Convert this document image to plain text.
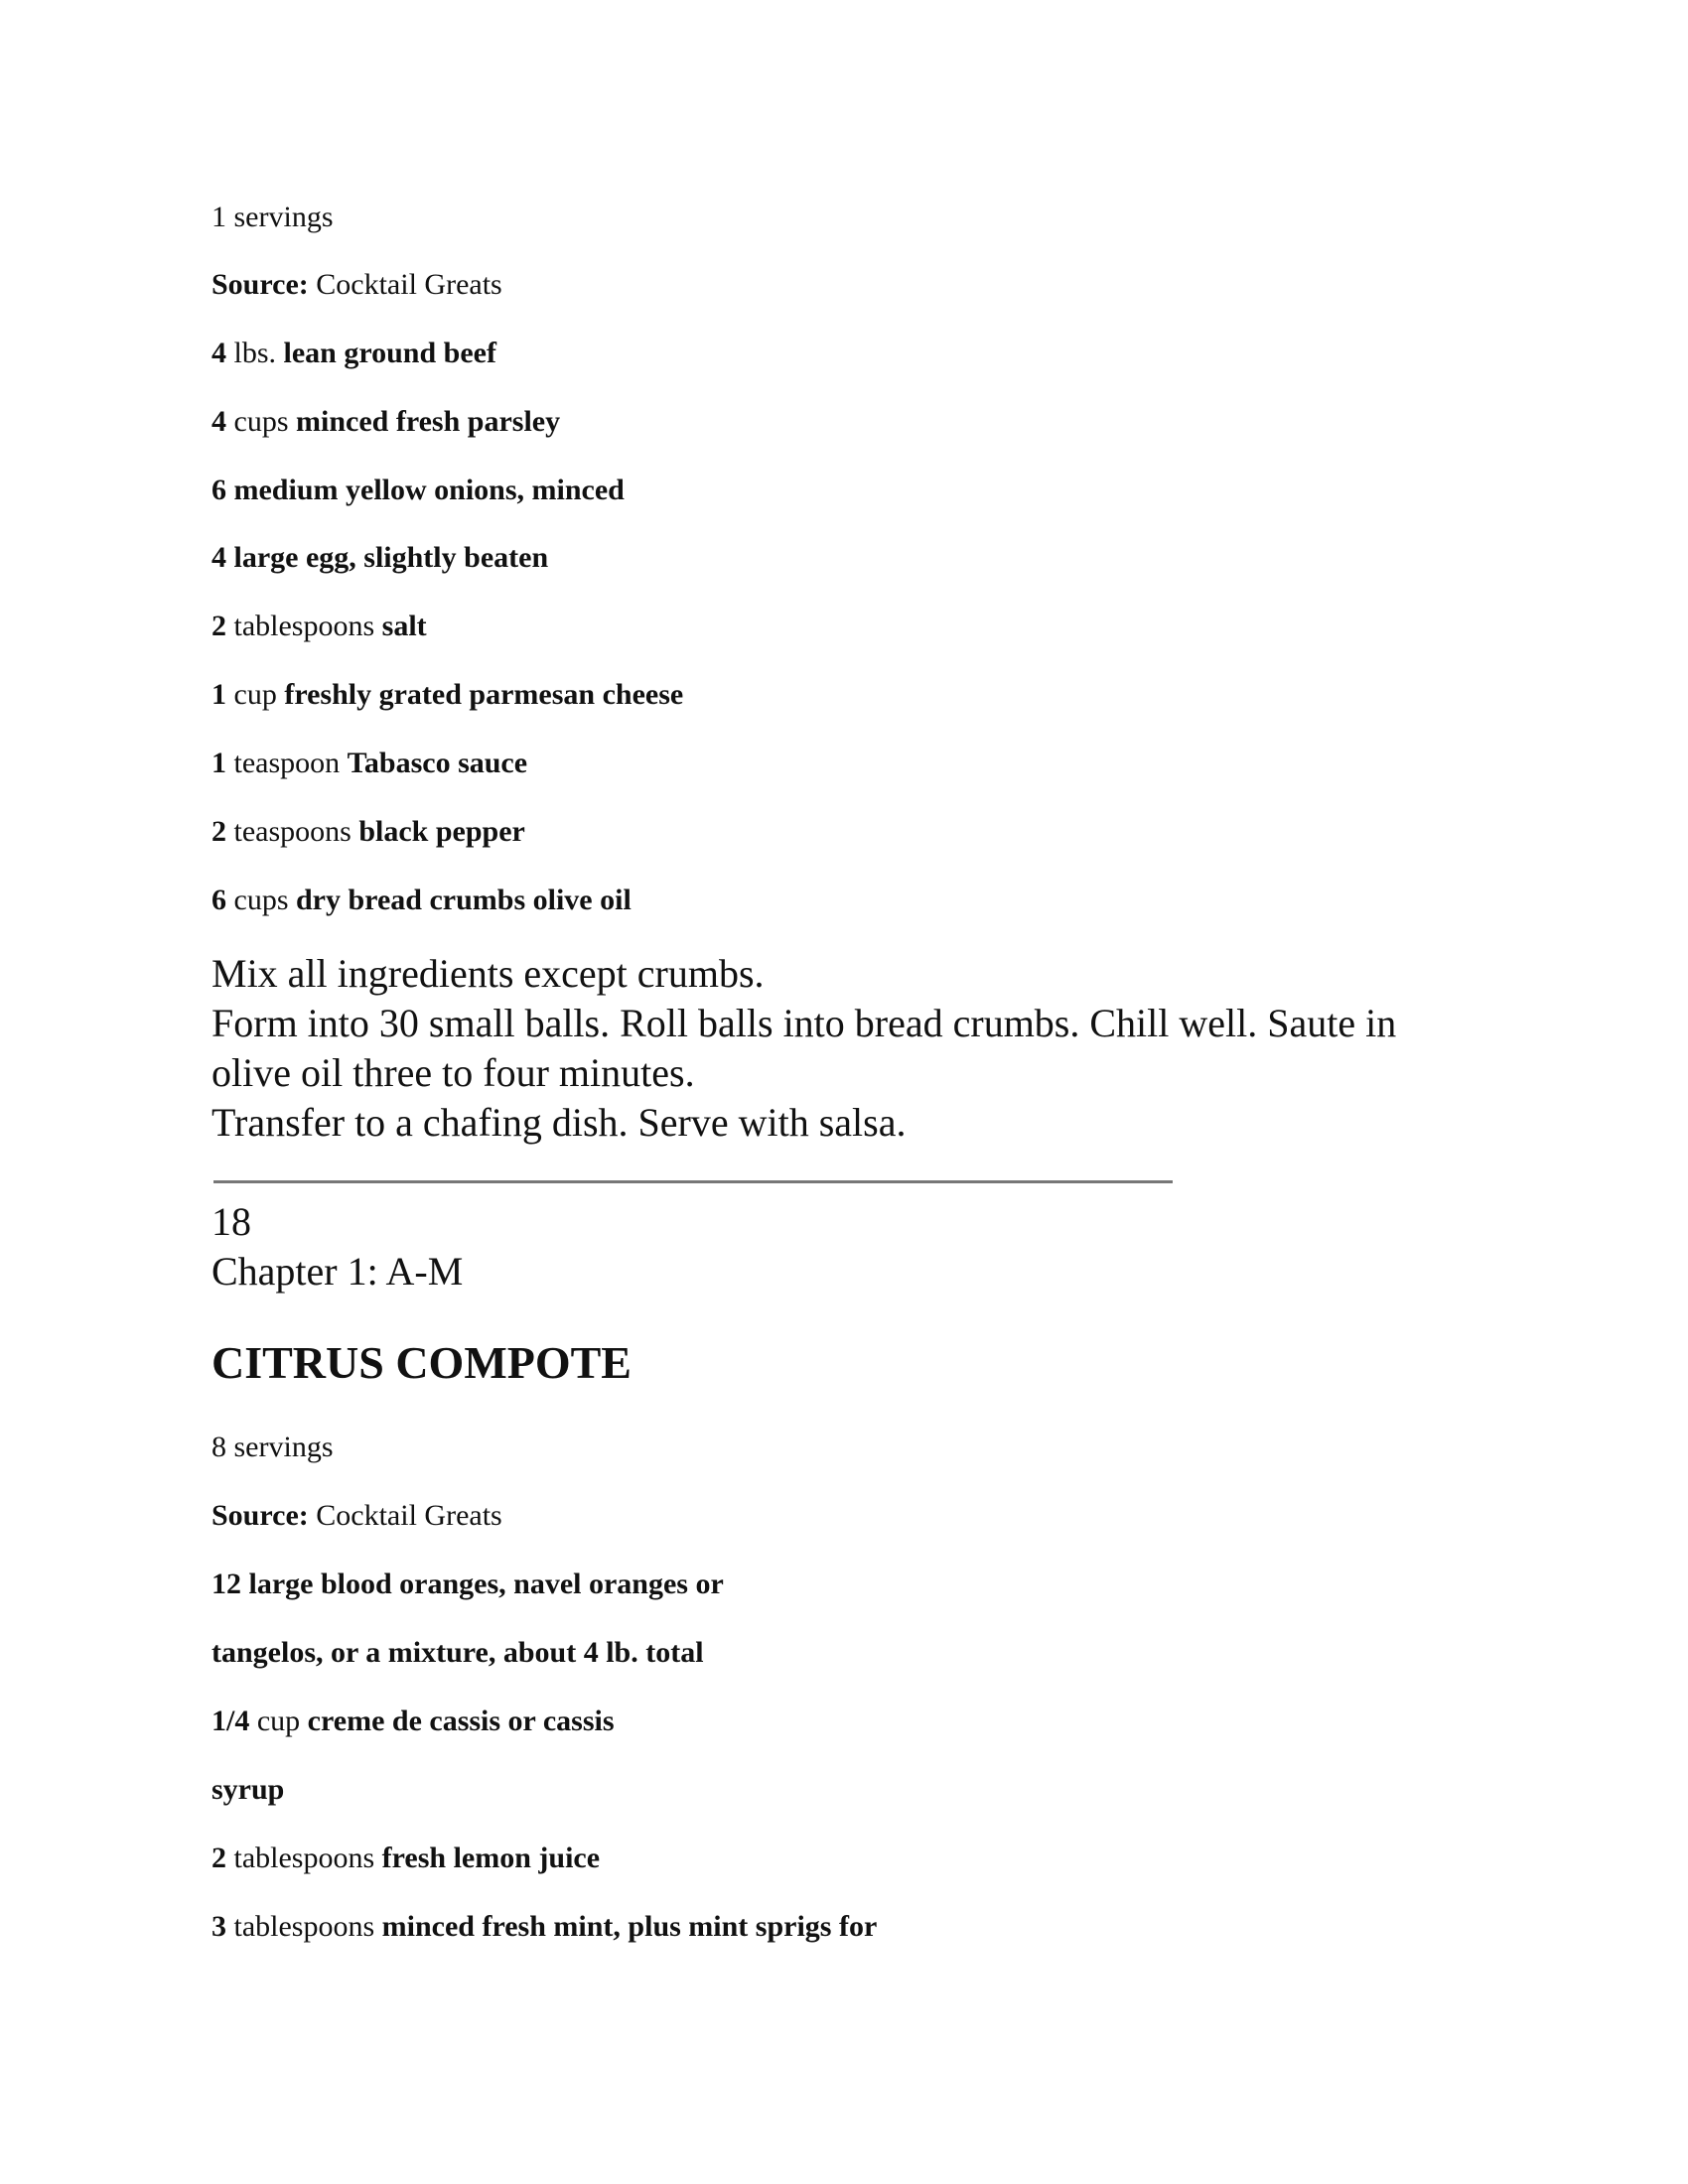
1 servings
Source: Cocktail Greats
4 lbs. lean ground beef
4 cups minced fresh parsley
6 medium yellow onions, minced
4 large egg, slightly beaten
2 tablespoons salt
1 cup freshly grated parmesan cheese
1 teaspoon Tabasco sauce
2 teaspoons black pepper
6 cups dry bread crumbs olive oil
Mix all ingredients except crumbs.
Form into 30 small balls. Roll balls into bread crumbs. Chill well. Saute in
olive oil three to four minutes.
Transfer to a chafing dish. Serve with salsa.
18
Chapter 1: A-M
CITRUS COMPOTE
8 servings
Source: Cocktail Greats
12 large blood oranges, navel oranges or
tangelos, or a mixture, about 4 lb. total
1/4 cup creme de cassis or cassis
syrup
2 tablespoons fresh lemon juice
3 tablespoons minced fresh mint, plus mint sprigs for
